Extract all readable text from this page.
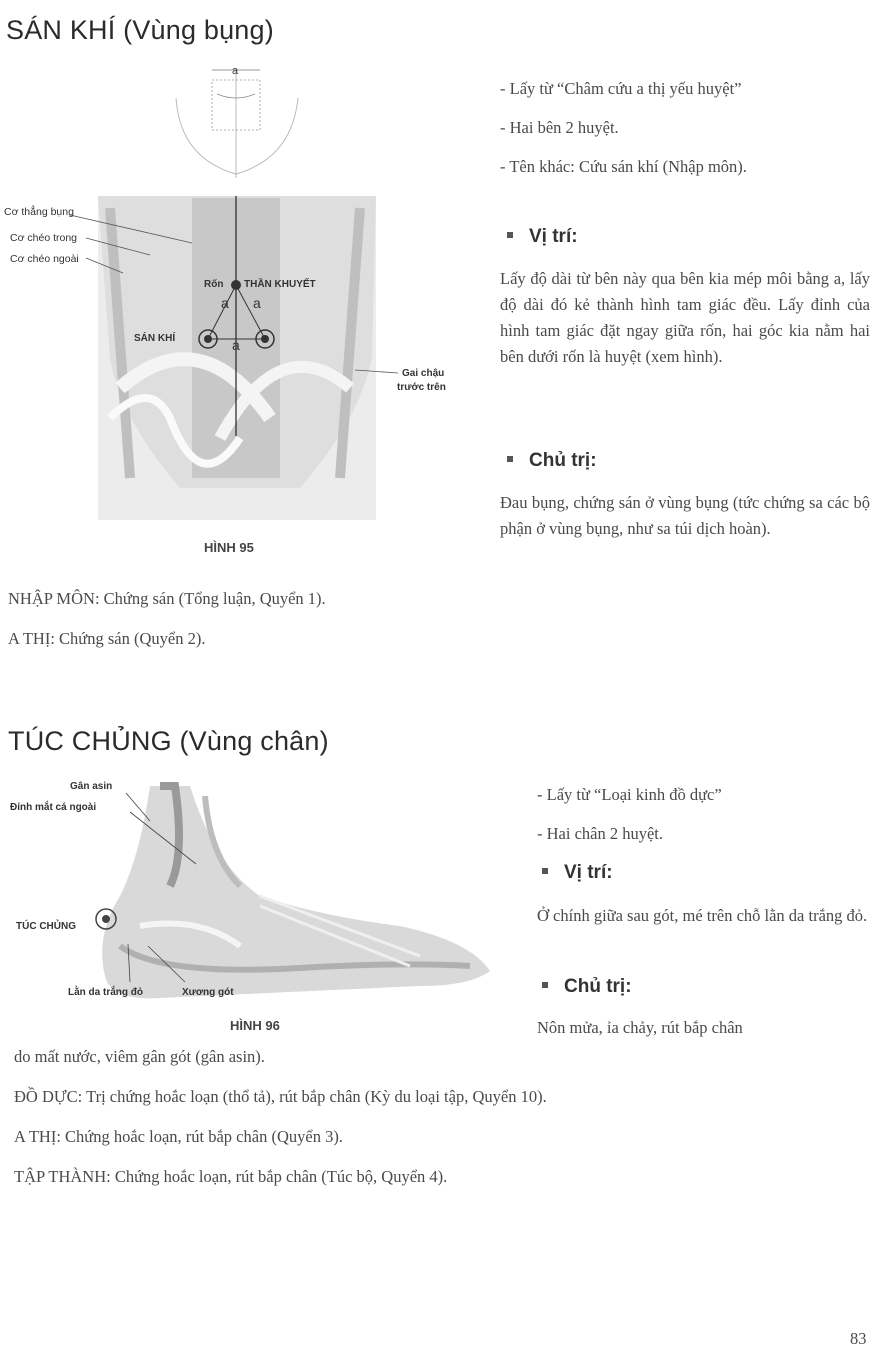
SÁN KHÍ (Vùng bụng)
a
Cơ thẳng bụng
Cơ chéo trong
Cơ chéo ngoài
Rốn THẦN KHUYẾT
a a
a
SÁN KHÍ
Gai chậu
trước trên
HÌNH 95
- Lấy từ “Châm cứu a thị yếu huyệt”
- Hai bên 2 huyệt.
- Tên khác: Cứu sán khí (Nhập môn).
Vị trí:
Lấy độ dài từ bên này qua bên kia mép môi bằng a, lấy độ dài đó kẻ thành hình tam giác đều. Lấy đỉnh của hình tam giác đặt ngay giữa rốn, hai góc kia nằm hai bên dưới rốn là huyệt (xem hình).
Chủ trị:
Đau bụng, chứng sán ở vùng bụng (tức chứng sa các bộ phận ở vùng bụng, như sa túi dịch hoàn).
NHẬP MÔN: Chứng sán (Tổng luận, Quyển 1).
A THỊ: Chứng sán (Quyển 2).
TÚC CHỦNG (Vùng chân)
Gân asin
Đỉnh mắt cá ngoài
TÚC CHỦNG
Lằn da trắng đỏ	Xương gót
HÌNH 96
- Lấy từ “Loại kinh đồ dực”
- Hai chân 2 huyệt.
Vị trí:
Ở chính giữa sau gót, mé trên chỗ lằn da trắng đỏ.
Chủ trị:
Nôn mửa, ỉa chảy, rút bắp chân
do mất nước, viêm gân gót (gân asin).
ĐỒ DỰC: Trị chứng hoắc loạn (thổ tả), rút bắp chân (Kỳ du loại tập, Quyển 10).
A THỊ: Chứng hoắc loạn, rút bắp chân (Quyển 3).
TẬP THÀNH: Chứng hoắc loạn, rút bắp chân (Túc bộ, Quyển 4).
83
